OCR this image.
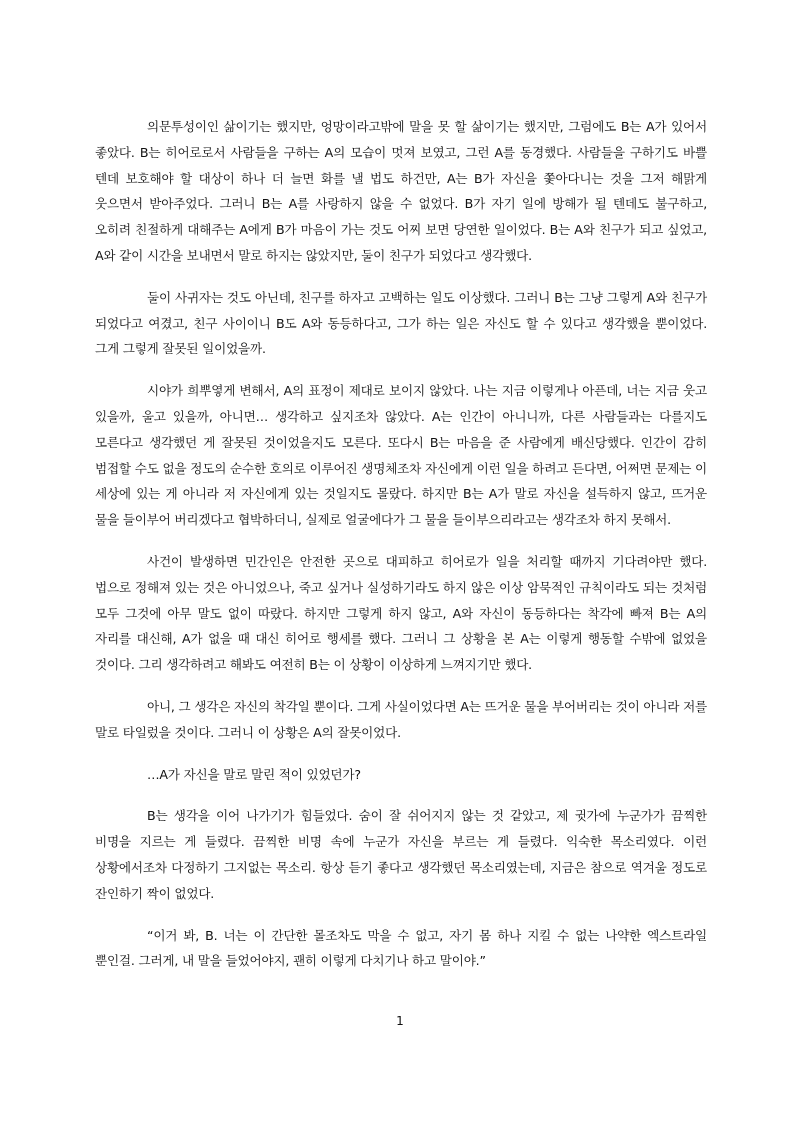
의문투성이인 삶이기는 했지만, 엉망이라고밖에 말을 못 할 삶이기는 했지만, 그럼에도 B는 A가 있어서 좋았다. B는 히어로로서 사람들을 구하는 A의 모습이 멋져 보였고, 그런 A를 동경했다. 사람들을 구하기도 바쁠 텐데 보호해야 할 대상이 하나 더 늘면 화를 낼 법도 하건만, A는 B가 자신을 쫓아다니는 것을 그저 해맑게 웃으면서 받아주었다. 그러니 B는 A를 사랑하지 않을 수 없었다. B가 자기 일에 방해가 될 텐데도 불구하고, 오히려 친절하게 대해주는 A에게 B가 마음이 가는 것도 어찌 보면 당연한 일이었다. B는 A와 친구가 되고 싶었고, A와 같이 시간을 보내면서 말로 하지는 않았지만, 둘이 친구가 되었다고 생각했다.

둘이 사귀자는 것도 아닌데, 친구를 하자고 고백하는 일도 이상했다. 그러니 B는 그냥 그렇게 A와 친구가 되었다고 여겼고, 친구 사이이니 B도 A와 동등하다고, 그가 하는 일은 자신도 할 수 있다고 생각했을 뿐이었다. 그게 그렇게 잘못된 일이었을까.

시야가 희뿌옇게 변해서, A의 표정이 제대로 보이지 않았다. 나는 지금 이렇게나 아픈데, 너는 지금 웃고 있을까, 울고 있을까, 아니면… 생각하고 싶지조차 않았다. A는 인간이 아니니까, 다른 사람들과는 다를지도 모른다고 생각했던 게 잘못된 것이었을지도 모른다. 또다시 B는 마음을 준 사람에게 배신당했다. 인간이 감히 범접할 수도 없을 정도의 순수한 호의로 이루어진 생명체조차 자신에게 이런 일을 하려고 든다면, 어쩌면 문제는 이 세상에 있는 게 아니라 저 자신에게 있는 것일지도 몰랐다. 하지만 B는 A가 말로 자신을 설득하지 않고, 뜨거운 물을 들이부어 버리겠다고 협박하더니, 실제로 얼굴에다가 그 물을 들이부으리라고는 생각조차 하지 못해서.

사건이 발생하면 민간인은 안전한 곳으로 대피하고 히어로가 일을 처리할 때까지 기다려야만 했다. 법으로 정해져 있는 것은 아니었으나, 죽고 싶거나 실성하기라도 하지 않은 이상 암묵적인 규칙이라도 되는 것처럼 모두 그것에 아무 말도 없이 따랐다. 하지만 그렇게 하지 않고, A와 자신이 동등하다는 착각에 빠져 B는 A의 자리를 대신해, A가 없을 때 대신 히어로 행세를 했다. 그러니 그 상황을 본 A는 이렇게 행동할 수밖에 없었을 것이다. 그리 생각하려고 해봐도 여전히 B는 이 상황이 이상하게 느껴지기만 했다.

아니, 그 생각은 자신의 착각일 뿐이다. 그게 사실이었다면 A는 뜨거운 물을 부어버리는 것이 아니라 저를 말로 타일렀을 것이다. 그러니 이 상황은 A의 잘못이었다.

…A가 자신을 말로 말린 적이 있었던가?

B는 생각을 이어 나가기가 힘들었다. 숨이 잘 쉬어지지 않는 것 같았고, 제 귓가에 누군가가 끔찍한 비명을 지르는 게 들렸다. 끔찍한 비명 속에 누군가 자신을 부르는 게 들렸다. 익숙한 목소리였다. 이런 상황에서조차 다정하기 그지없는 목소리. 항상 듣기 좋다고 생각했던 목소리였는데, 지금은 참으로 역겨울 정도로 잔인하기 짝이 없었다.

“이거 봐, B. 너는 이 간단한 몰조차도 막을 수 없고, 자기 몸 하나 지킬 수 없는 나약한 엑스트라일 뿐인걸. 그러게, 내 말을 들었어야지, 괜히 이렇게 다치기나 하고 말이야.”

1
